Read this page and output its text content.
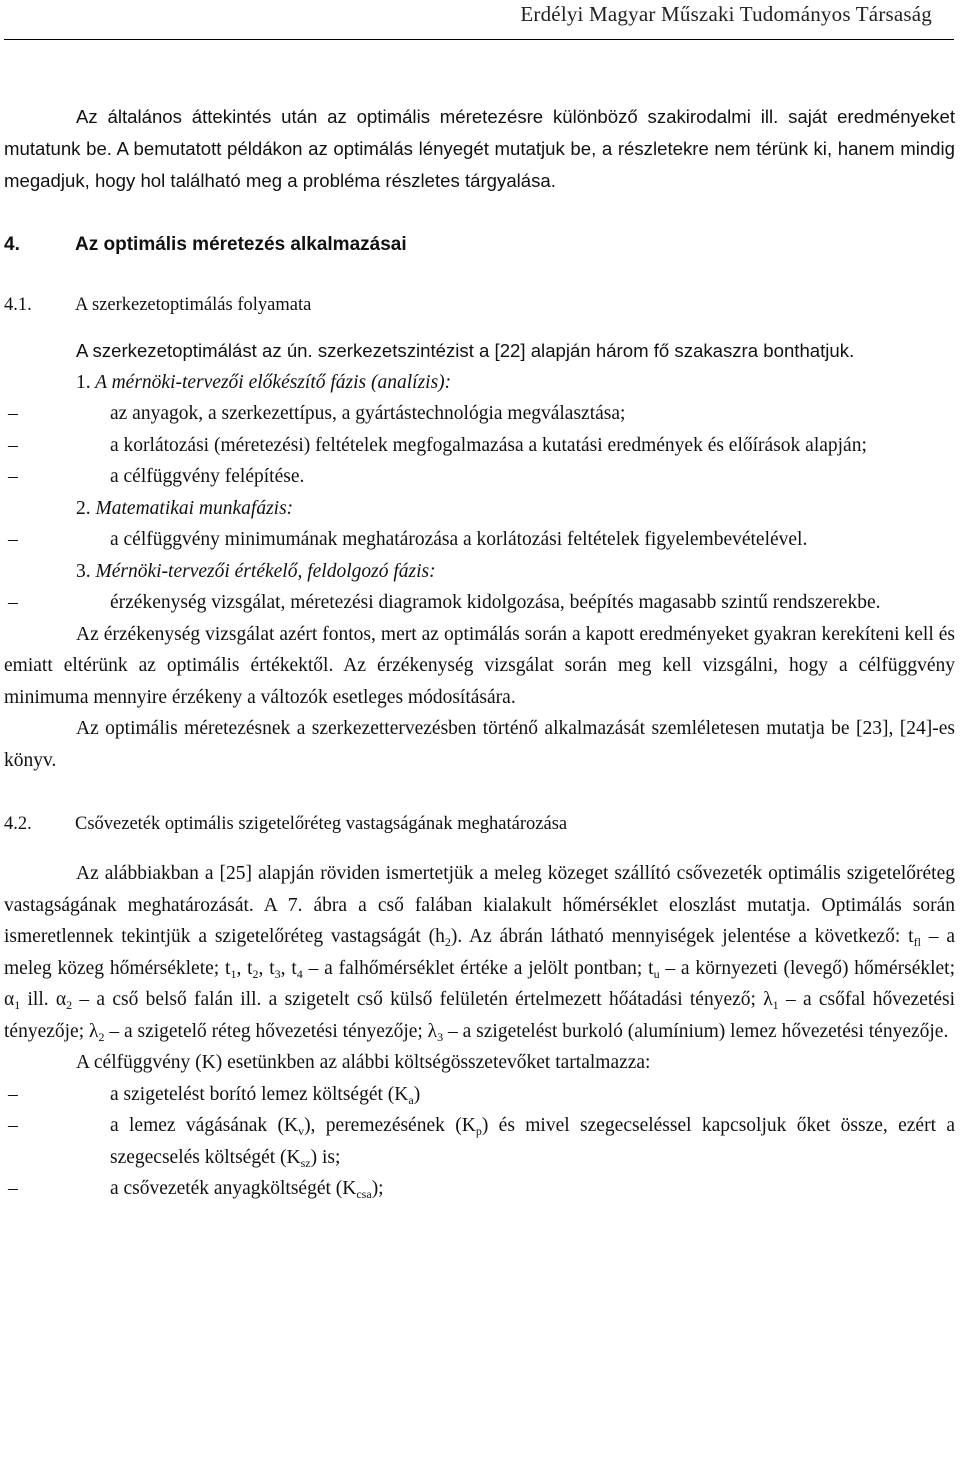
Erdélyi Magyar Műszaki Tudományos Társaság

Az általános áttekintés után az optimális méretezésre különböző szakirodalmi ill. saját eredményeket mutatunk be. A bemutatott példákon az optimálás lényegét mutatjuk be, a részletekre nem térünk ki, hanem mindig megadjuk, hogy hol található meg a probléma részletes tárgyalása.

4.	Az optimális méretezés alkalmazásai
4.1.	A szerkezetoptimálás folyamata

A szerkezetoptimálást az ún. szerkezetszintézist a [22] alapján három fő szakaszra bonthatjuk.

1. A mérnöki-tervezői előkészítő fázis (analízis):
–	az anyagok, a szerkezettípus, a gyártástechnológia megválasztása;
–	a korlátozási (méretezési) feltételek megfogalmazása a kutatási eredmények és előírások alapján;
–	a célfüggvény felépítése.
2. Matematikai munkafázis:
–	a célfüggvény minimumának meghatározása a korlátozási feltételek figyelembevételével.
3. Mérnöki-tervezői értékelő, feldolgozó fázis:
–	érzékenység vizsgálat, méretezési diagramok kidolgozása, beépítés magasabb szintű rendszerekbe.

Az érzékenység vizsgálat azért fontos, mert az optimálás során a kapott eredményeket gyakran kerekíteni kell és emiatt eltérünk az optimális értékektől. Az érzékenység vizsgálat során meg kell vizsgálni, hogy a célfüggvény minimuma mennyire érzékeny a változók esetleges módosítására.

Az optimális méretezésnek a szerkezettervezésben történő alkalmazását szemléletesen mutatja be [23], [24]-es könyv.

4.2.	Csővezeték optimális szigetelőréteg vastagságának meghatározása

Az alábbiakban a [25] alapján röviden ismertetjük a meleg közeget szállító csővezeték optimális szigetelőréteg vastagságának meghatározását. A 7. ábra a cső falában kialakult hőmérséklet eloszlást mutatja. Optimálás során ismeretlennek tekintjük a szigetelőréteg vastagságát $(h_2)$. Az ábrán látható mennyiségek jelentése a következő: $t_{fl}$ – a meleg közeg hőmérséklete; $t_1$, $t_2$, $t_3$, $t_4$ – a falhőmérséklet értéke a jelölt pontban; $t_u$ – a környezeti (levegő) hőmérséklet; $\alpha_1$ ill. $\alpha_2$ – a cső belső falán ill. a szigetelt cső külső felületén értelmezett hőátadási tényező; $\lambda_1$ – a csőfal hővezetési tényezője; $\lambda_2$ – a szigetelő réteg hővezetési tényezője; $\lambda_3$ – a szigetelést burkoló (alumínium) lemez hővezetési tényezője.

A célfüggvény (K) esetünkben az alábbi költségösszetevőket tartalmazza:

–	a szigetelést borító lemez költségét $(K_a)$
–	a lemez vágásának $(K_v)$, peremezésének $(K_p)$ és mivel szegecseléssel kapcsoljuk őket össze, ezért a szegecselés költségét $(K_{sz})$ is;
–	a csővezeték anyagköltségét $(K_{csa})$;
